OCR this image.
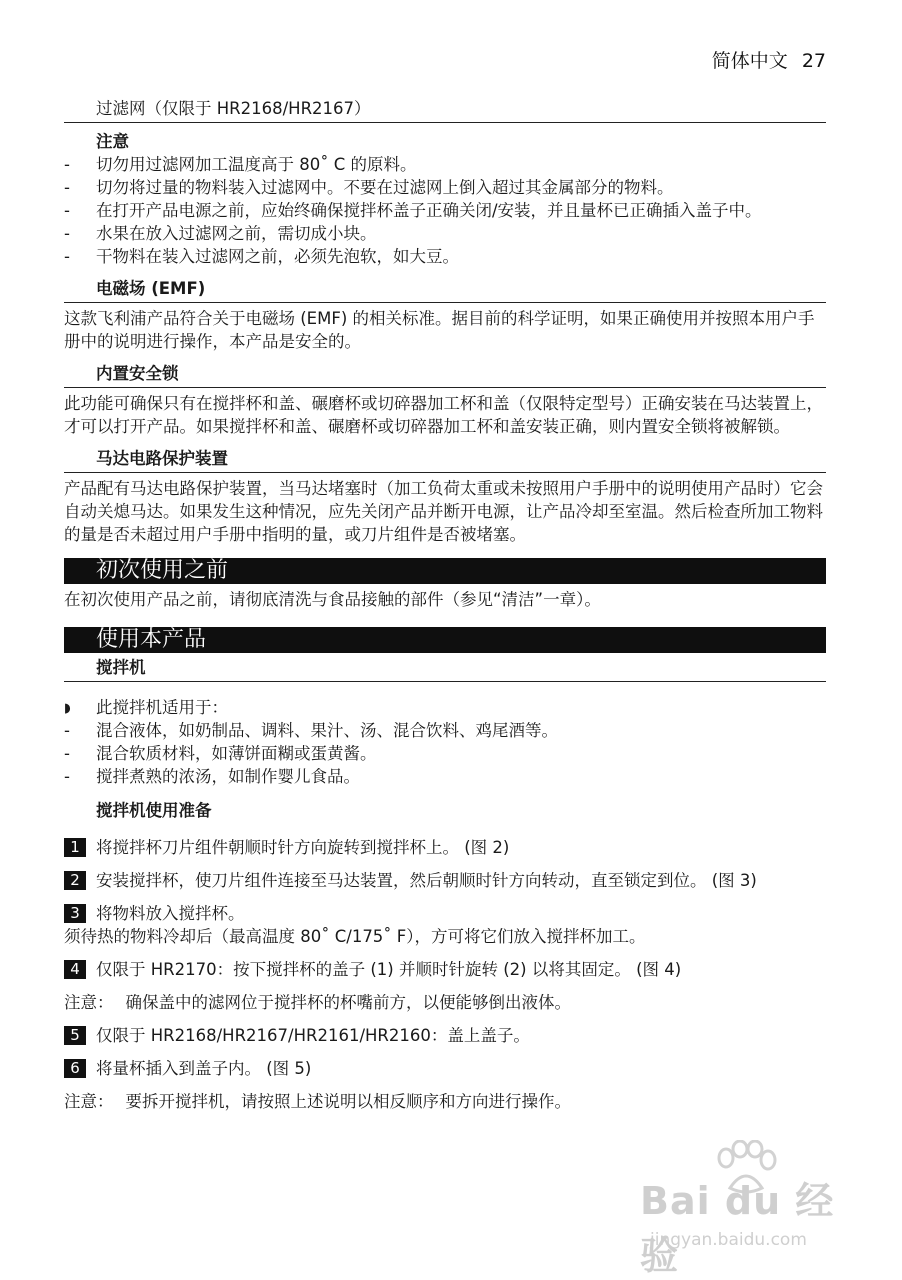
简体中文 27
过滤网（仅限于 HR2168/HR2167）
注意
- 切勿用过滤网加工温度高于 80˚ C 的原料。
- 切勿将过量的物料装入过滤网中。不要在过滤网上倒入超过其金属部分的物料。
- 在打开产品电源之前，应始终确保搅拌杯盖子正确关闭/安装，并且量杯已正确插入盖子中。
- 水果在放入过滤网之前，需切成小块。
- 干物料在装入过滤网之前，必须先泡软，如大豆。
电磁场 (EMF)
这款飞利浦产品符合关于电磁场 (EMF) 的相关标准。据目前的科学证明，如果正确使用并按照本用户手册中的说明进行操作，本产品是安全的。
内置安全锁
此功能可确保只有在搅拌杯和盖、碾磨杯或切碎器加工杯和盖（仅限特定型号）正确安装在马达装置上，才可以打开产品。如果搅拌杯和盖、碾磨杯或切碎器加工杯和盖安装正确，则内置安全锁将被解锁。
马达电路保护装置
产品配有马达电路保护装置，当马达堵塞时（加工负荷太重或未按照用户手册中的说明使用产品时）它会自动关熄马达。如果发生这种情况，应先关闭产品并断开电源，让产品冷却至室温。然后检查所加工物料的量是否未超过用户手册中指明的量，或刀片组件是否被堵塞。
初次使用之前
在初次使用产品之前，请彻底清洗与食品接触的部件（参见“清洁”一章）。
使用本产品
搅拌机
◗ 此搅拌机适用于：
- 混合液体，如奶制品、调料、果汁、汤、混合饮料、鸡尾酒等。
- 混合软质材料，如薄饼面糊或蛋黄酱。
- 搅拌煮熟的浓汤，如制作婴儿食品。
搅拌机使用准备
1 将搅拌杯刀片组件朝顺时针方向旋转到搅拌杯上。 (图 2)
2 安装搅拌杯，使刀片组件连接至马达装置，然后朝顺时针方向转动，直至锁定到位。 (图 3)
3 将物料放入搅拌杯。
须待热的物料冷却后（最高温度 80˚ C/175˚ F），方可将它们放入搅拌杯加工。
4 仅限于 HR2170：按下搅拌杯的盖子 (1) 并顺时针旋转 (2) 以将其固定。 (图 4)
注意： 确保盖中的滤网位于搅拌杯的杯嘴前方，以便能够倒出液体。
5 仅限于 HR2168/HR2167/HR2161/HR2160：盖上盖子。
6 将量杯插入到盖子内。 (图 5)
注意： 要拆开搅拌机，请按照上述说明以相反顺序和方向进行操作。
Bai du 经验
jingyan.baidu.com
